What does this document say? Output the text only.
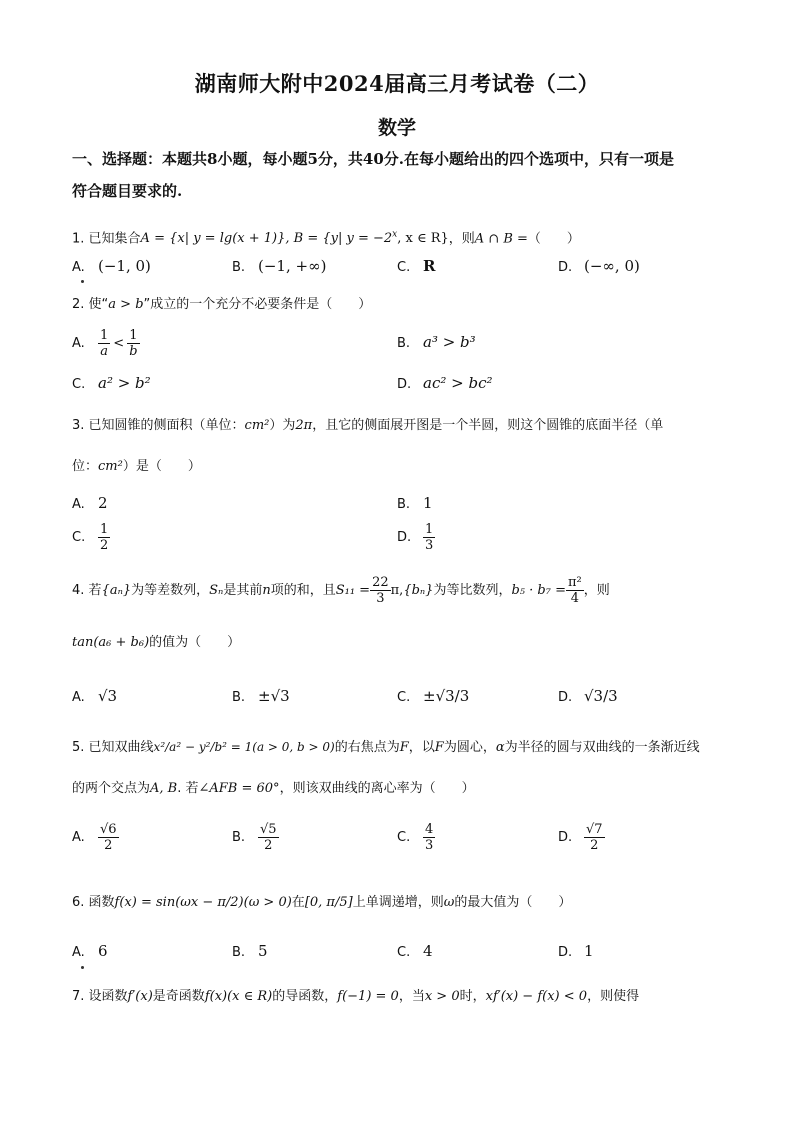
湖南师大附中2024届高三月考试卷（二）
数学
一、选择题：本题共8小题，每小题5分，共40分.在每小题给出的四个选项中，只有一项是
符合题目要求的.
1. 已知集合A = {x| y = lg(x + 1)}, B = {y| $y = -2^x$, x ∈ R}，则A ∩ B =（　　）
A. (−1, 0)	B. (−1, +∞)	C. R	D. (−∞, 0)
2. 使“a > b”成立的一个充分不必要条件是（　　）
A. $\frac{1}{a} < \frac{1}{b}$	B. a³ > b³
C. a² > b²	D. ac² > bc²
3. 已知圆锥的侧面积（单位：cm²）为2π，且它的侧面展开图是一个半圆，则这个圆锥的底面半径（单
位：cm²）是（　　）
A. 2	B. 1
C. $\frac{1}{2}$	D. $\frac{1}{3}$
4. 若{aₙ}为等差数列，Sₙ是其前n项的和，且$S_{11} = \frac{22}{3} \pi,\{b_n\}$为等比数列，$b_5 \cdot b_7 = \frac{\text{π²}}{4}$ ，则
tan(a₆ + b₆)的值为（　　）
A. √3	B. ±√3	C. ±√3/3	D. √3/3
5. 已知双曲线x²/a² − y²/b² = 1(a > 0, b > 0)的右焦点为F，以F为圆心，α为半径的圆与双曲线的一条渐近线
的两个交点为A, B. 若∠AFB = 60°，则该双曲线的离心率为（　　）
A. $\frac{√6}{2}$	B. $\frac{√5}{2}$	C. $\frac{4}{3}$	D. $\frac{√7}{2}$
6. 函数f(x) = sin(ωx − π/2)(ω > 0)在[0, π/5]上单调递增，则ω的最大值为（　　）
A. 6	B. 5	C. 4	D. 1
7. 设函数f′(x)是奇函数f(x)(x ∈ R)的导函数，f(−1) = 0，当x > 0时，xf′(x) − f(x) < 0，则使得
